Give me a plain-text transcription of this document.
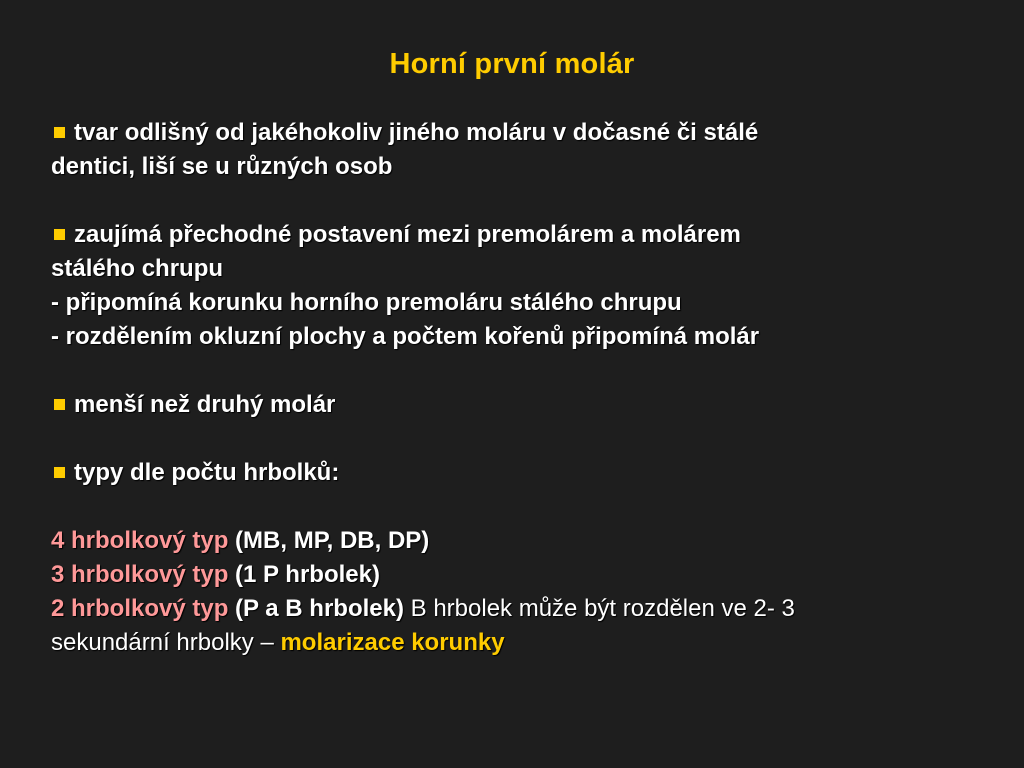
Horní první molár
tvar odlišný od jakéhokoliv jiného moláru v dočasné či stálé
dentici, liší se u různých osob
zaujímá přechodné postavení mezi premolárem a molárem
stálého chrupu
- připomíná korunku horního premoláru stálého chrupu
- rozdělením okluzní plochy a počtem kořenů připomíná molár
menší než druhý molár
typy dle počtu hrbolků:
4 hrbolkový typ (MB, MP, DB, DP)
3 hrbolkový typ (1 P hrbolek)
2 hrbolkový typ (P a B hrbolek) B hrbolek může být rozdělen ve 2- 3
sekundární hrbolky – molarizace korunky
